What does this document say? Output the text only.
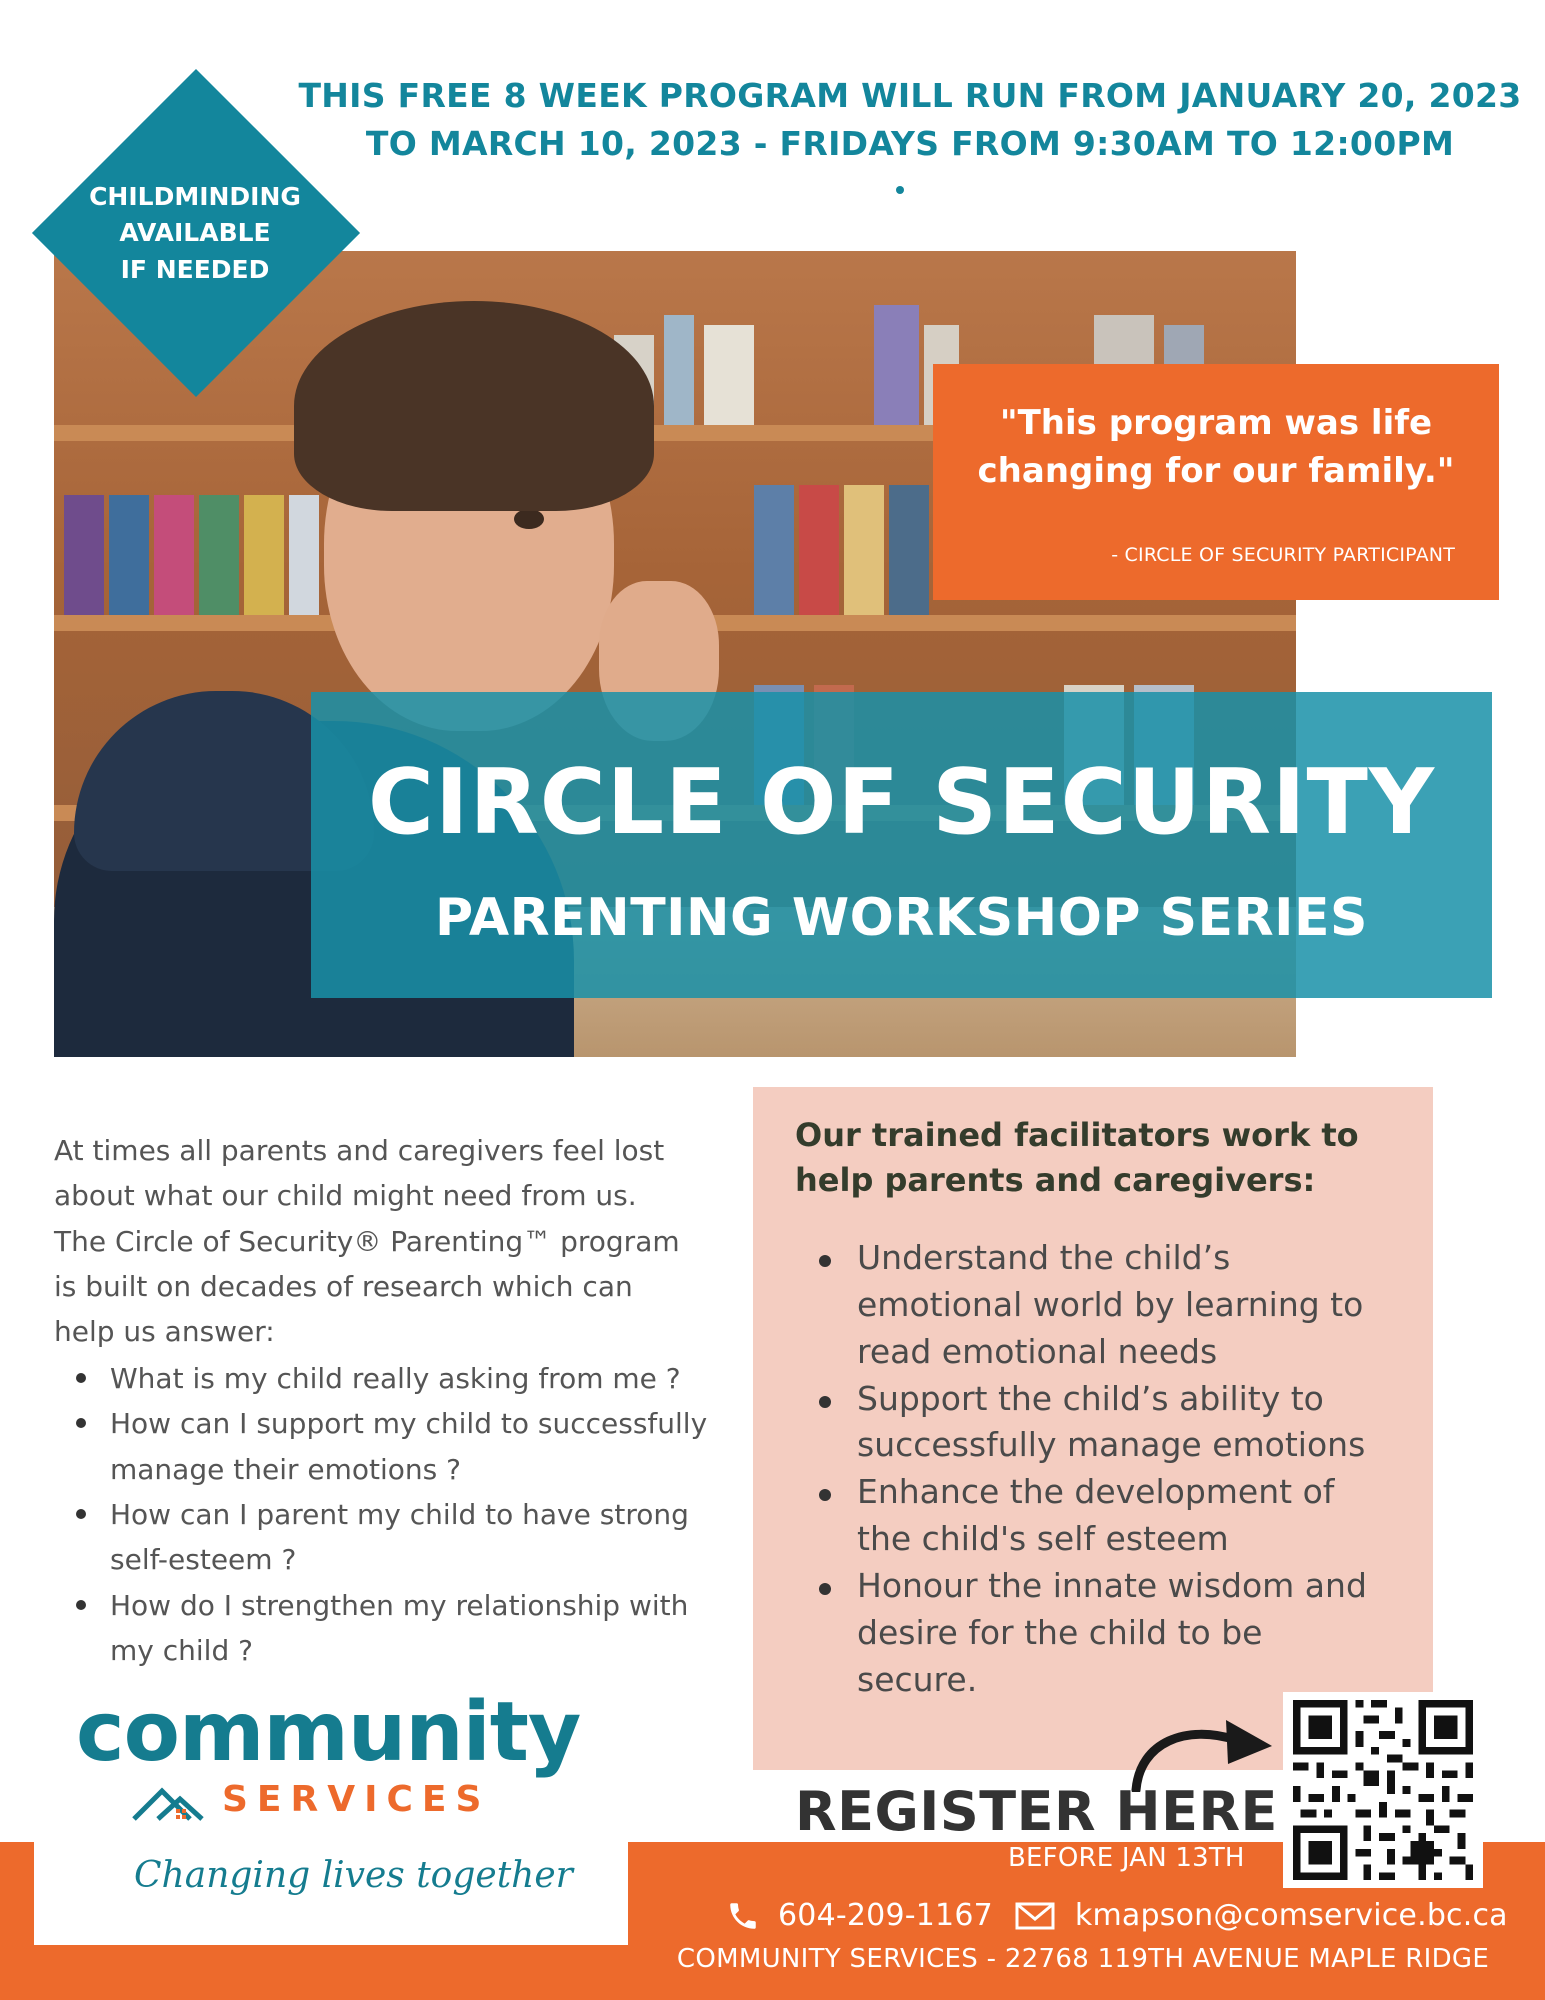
THIS FREE 8 WEEK PROGRAM WILL RUN FROM JANUARY 20, 2023
TO MARCH 10, 2023 - FRIDAYS FROM 9:30AM TO 12:00PM
CHILDMINDING
AVAILABLE
IF NEEDED
"This program was life
changing for our family."
- CIRCLE OF SECURITY PARTICIPANT
CIRCLE OF SECURITY
PARENTING WORKSHOP SERIES
At times all parents and caregivers feel lost
about what our child might need from us.
The Circle of Security® Parenting™ program
is built on decades of research which can
help us answer:
What is my child really asking from me ?
How can I support my child to successfully
manage their emotions ?
How can I parent my child to have strong
self-esteem ?
How do I strengthen my relationship with
my child ?
Our trained facilitators work to
help parents and caregivers:
Understand the child’s
emotional world by learning to
read emotional needs
Support the child’s ability to
successfully manage emotions
Enhance the development of
the child's self esteem
Honour the innate wisdom and
desire for the child to be
secure.
community
SERVICES
Changing lives together
REGISTER HERE
BEFORE JAN 13TH
604-209-1167	kmapson@comservice.bc.ca
COMMUNITY SERVICES - 22768 119TH AVENUE MAPLE RIDGE
